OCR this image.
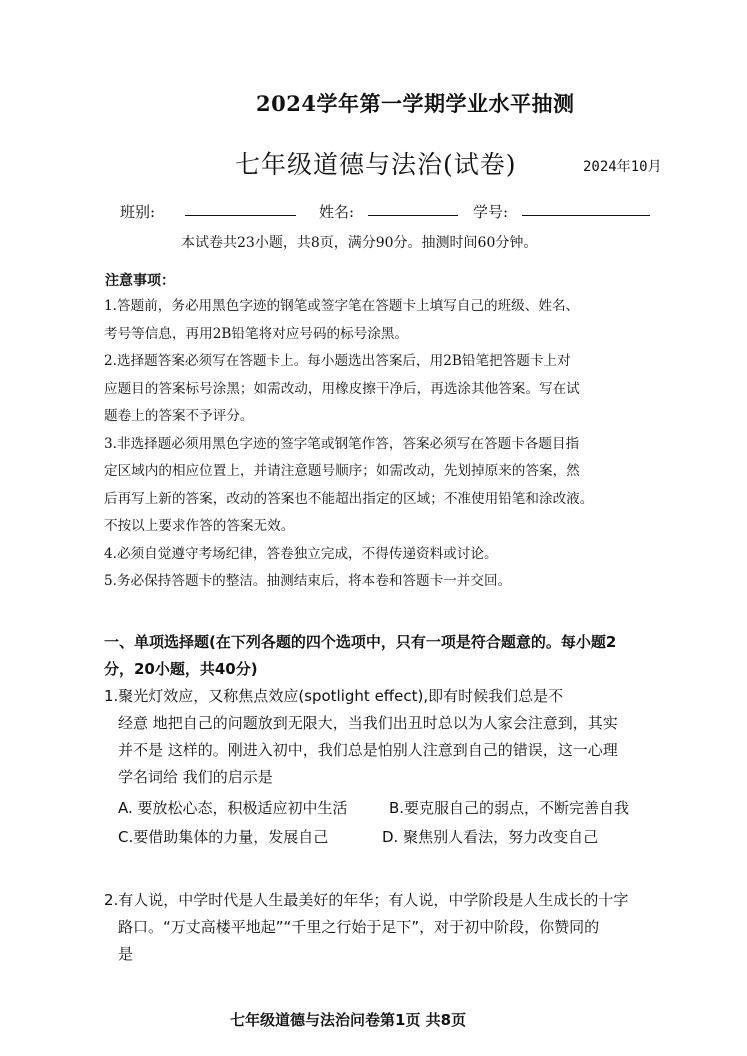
2024学年第一学期学业水平抽测
七年级道德与法治(试卷)	2024年10月
班别:	姓名:	学号:
本试卷共23小题，共8页，满分90分。抽测时间60分钟。
注意事项：

1.答题前，务必用黑色字迹的钢笔或签字笔在答题卡上填写自己的班级、姓名、

考号等信息，再用2B铅笔将对应号码的标号涂黑。

2.选择题答案必须写在答题卡上。每小题选出答案后，用2B铅笔把答题卡上对

应题目的答案标号涂黑；如需改动，用橡皮擦干净后，再选涂其他答案。写在试

题卷上的答案不予评分。

3.非选择题必须用黑色字迹的签字笔或钢笔作答，答案必须写在答题卡各题目指

定区域内的相应位置上，并请注意题号顺序；如需改动，先划掉原来的答案，然

后再写上新的答案，改动的答案也不能超出指定的区域；不准使用铅笔和涂改液。

不按以上要求作答的答案无效。

4.必须自觉遵守考场纪律，答卷独立完成，不得传递资料或讨论。

5.务必保持答题卡的整洁。抽测结束后，将本卷和答题卡一并交回。

一、单项选择题(在下列各题的四个选项中，只有一项是符合题意的。每小题2

分，20小题，共40分)

1.聚光灯效应，又称焦点效应(spotlight effect),即有时候我们总是不

经意 地把自己的问题放到无限大，当我们出丑时总以为人家会注意到，其实

并不是 这样的。刚进入初中，我们总是怕别人注意到自己的错误，这一心理

学名词给 我们的启示是

A. 要放松心态，积极适应初中生活	B.要克服自己的弱点，不断完善自我
C.要借助集体的力量，发展自己	D. 聚焦别人看法，努力改变自己

2.有人说，中学时代是人生最美好的年华；有人说，中学阶段是人生成长的十字

路口。“万丈高楼平地起”“千里之行始于足下”，对于初中阶段，你赞同的

是

七年级道德与法治问卷第1页 共8页
